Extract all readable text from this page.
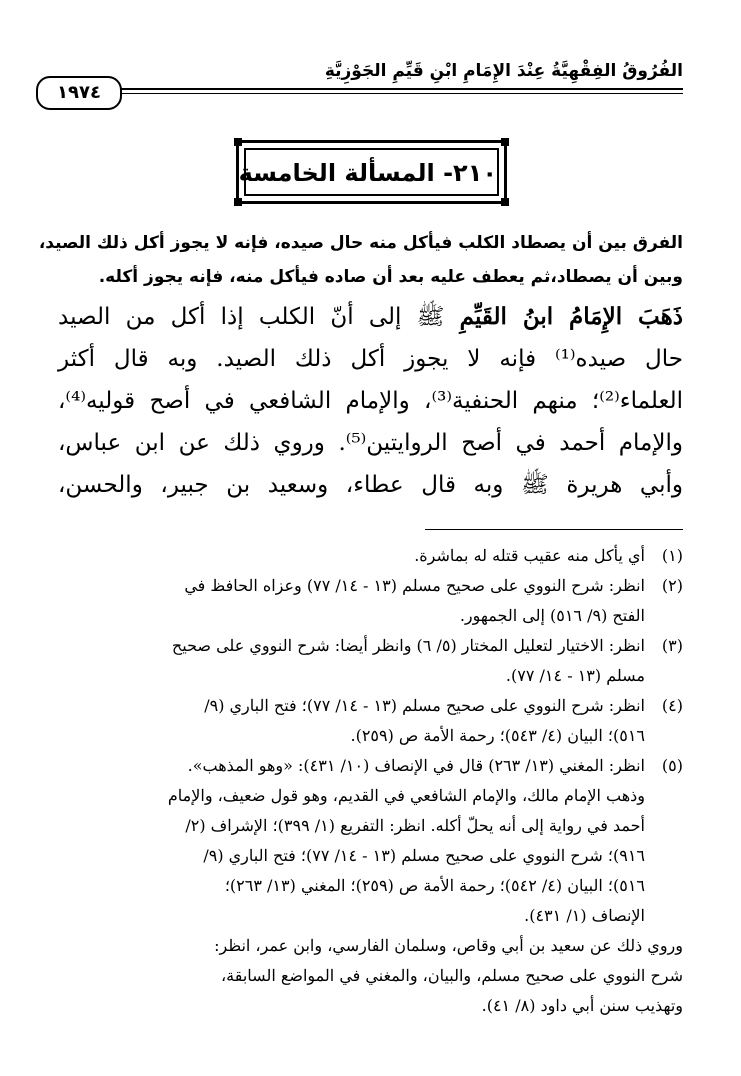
الفُرُوقُ الفِقْهِيَّةُ عِنْدَ الإِمَامِ ابْنِ قَيِّمِ الجَوْزِيَّةِ
١٩٧٤
٢١٠- المسألة الخامسة
الفرق بين أن يصطاد الكلب فيأكل منه حال صيده، فإنه لا يجوز أكل ذلك الصيد،
وبين أن يصطاد،ثم يعطف عليه بعد أن صاده فيأكل منه، فإنه يجوز أكله.
ذَهَبَ الإِمَامُ ابنُ القَيِّمِ ﷺ إلى أنّ الكلب إذا أكل من الصيد
حال صيده⁽¹⁾ فإنه لا يجوز أكل ذلك الصيد. وبه قال أكثر
العلماء⁽²⁾؛ منهم الحنفية⁽³⁾، والإمام الشافعي في أصح قوليه⁽⁴⁾،
والإمام أحمد في أصح الروايتين⁽⁵⁾. وروي ذلك عن ابن عباس،
وأبي هريرة ﷺ وبه قال عطاء، وسعيد بن جبير، والحسن،
(١)
أي يأكل منه عقيب قتله له بماشرة.
(٢)
انظر: شرح النووي على صحيح مسلم (١٣ - ١٤/ ٧٧) وعزاه الحافظ في
الفتح (٩/ ٥١٦) إلى الجمهور.
(٣)
انظر: الاختيار لتعليل المختار (٥/ ٦) وانظر أيضا: شرح النووي على صحيح
مسلم (١٣ - ١٤/ ٧٧).
(٤)
انظر: شرح النووي على صحيح مسلم (١٣ - ١٤/ ٧٧)؛ فتح الباري (٩/
٥١٦)؛ البيان (٤/ ٥٤٣)؛ رحمة الأمة ص (٢٥٩).
(٥)
انظر: المغني (١٣/ ٢٦٣) قال في الإنصاف (١٠/ ٤٣١): «وهو المذهب».
وذهب الإمام مالك، والإمام الشافعي في القديم، وهو قول ضعيف، والإمام
أحمد في رواية إلى أنه يحلّ أكله. انظر: التفريع (١/ ٣٩٩)؛ الإشراف (٢/
٩١٦)؛ شرح النووي على صحيح مسلم (١٣ - ١٤/ ٧٧)؛ فتح الباري (٩/
٥١٦)؛ البيان (٤/ ٥٤٢)؛ رحمة الأمة ص (٢٥٩)؛ المغني (١٣/ ٢٦٣)؛
الإنصاف (١/ ٤٣١).
وروي ذلك عن سعيد بن أبي وقاص، وسلمان الفارسي، وابن عمر، انظر:
شرح النووي على صحيح مسلم، والبيان، والمغني في المواضع السابقة،
وتهذيب سنن أبي داود (٨/ ٤١).
